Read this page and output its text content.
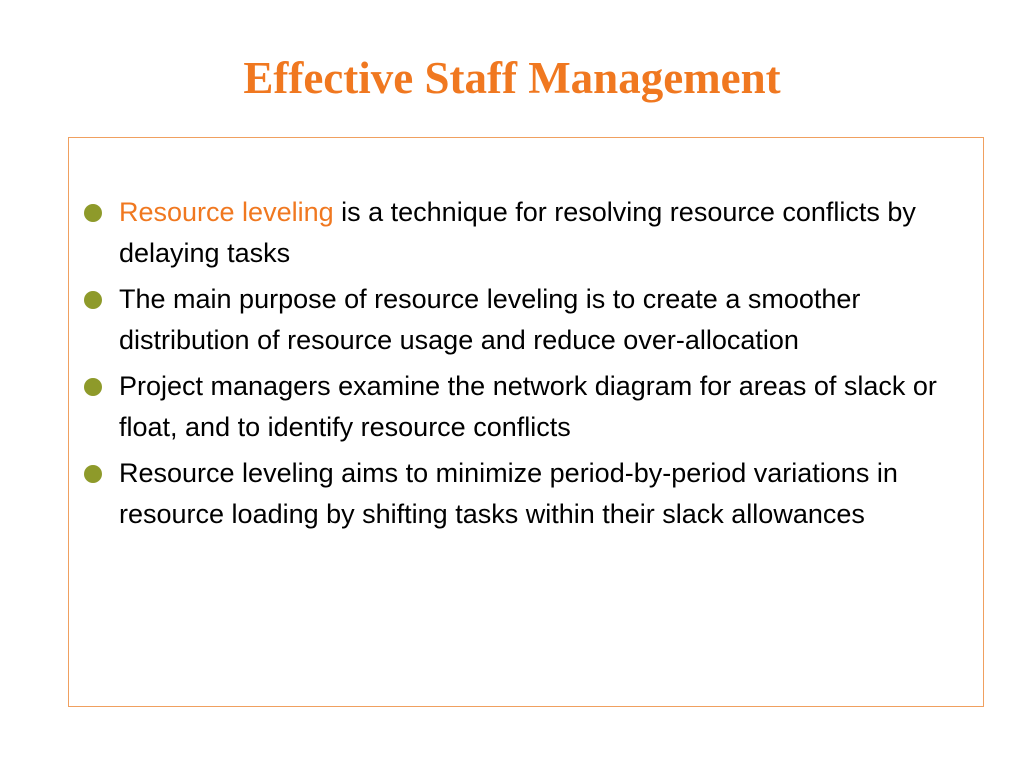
Effective Staff Management
Resource leveling is a technique for resolving resource conflicts by delaying tasks
The main purpose of resource leveling is to create a smoother distribution of resource usage and reduce over-allocation
Project managers examine the network diagram for areas of slack or float, and to identify resource conflicts
Resource leveling aims to minimize period-by-period variations in resource loading by shifting tasks within their slack allowances
